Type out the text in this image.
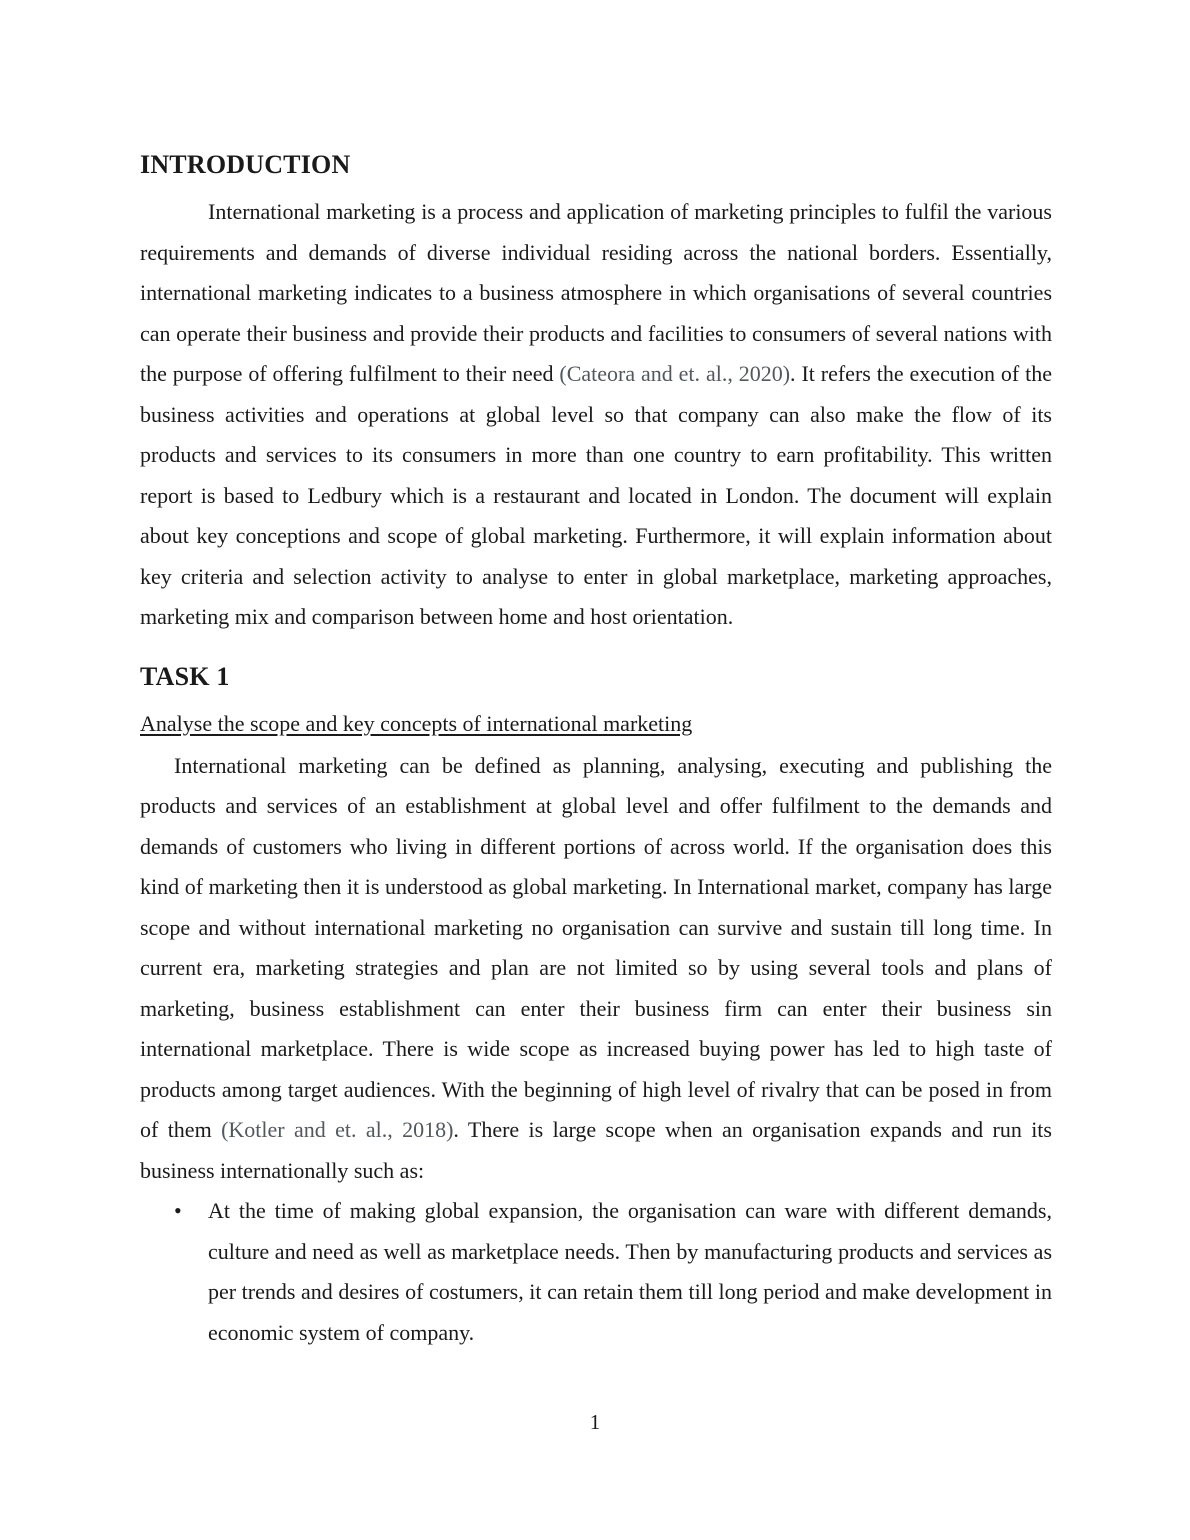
INTRODUCTION

International marketing is a process and application of marketing principles to fulfil the various requirements and demands of diverse individual residing across the national borders. Essentially, international marketing indicates to a business atmosphere in which organisations of several countries can operate their business and provide their products and facilities to consumers of several nations with the purpose of offering fulfilment to their need (Cateora and et. al., 2020). It refers the execution of the business activities and operations at global level so that company can also make the flow of its products and services to its consumers in more than one country to earn profitability. This written report is based to Ledbury which is a restaurant and located in London. The document will explain about key conceptions and scope of global marketing. Furthermore, it will explain information about key criteria and selection activity to analyse to enter in global marketplace, marketing approaches, marketing mix and comparison between home and host orientation.

TASK 1
Analyse the scope and key concepts of international marketing

International marketing can be defined as planning, analysing, executing and publishing the products and services of an establishment at global level and offer fulfilment to the demands and demands of customers who living in different portions of across world. If the organisation does this kind of marketing then it is understood as global marketing. In International market, company has large scope and without international marketing no organisation can survive and sustain till long time. In current era, marketing strategies and plan are not limited so by using several tools and plans of marketing, business establishment can enter their business firm can enter their business sin international marketplace. There is wide scope as increased buying power has led to high taste of products among target audiences. With the beginning of high level of rivalry that can be posed in from of them (Kotler and et. al., 2018). There is large scope when an organisation expands and run its business internationally such as:

• At the time of making global expansion, the organisation can ware with different demands, culture and need as well as marketplace needs. Then by manufacturing products and services as per trends and desires of costumers, it can retain them till long period and make development in economic system of company.
1
